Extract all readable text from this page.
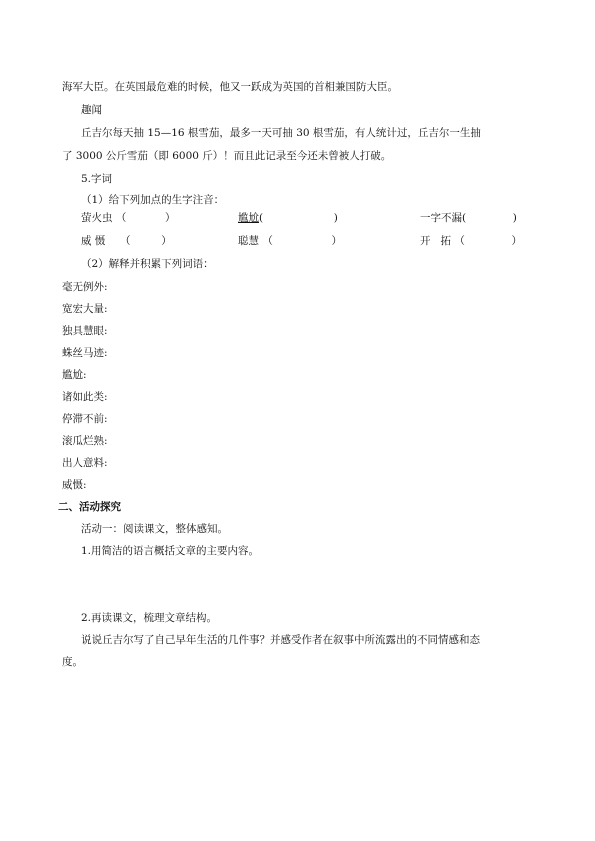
海军大臣。在英国最危难的时候，他又一跃成为英国的首相兼国防大臣。
趣闻
丘吉尔每天抽 15—16 根雪茄，最多一天可抽 30 根雪茄，有人统计过，丘吉尔一生抽
了 3000 公斤雪茄（即 6000 斤）！而且此记录至今还未曾被人打破。
5.字词
（1）给下列加点的生字注音：
萤火虫 （	）	尴尬(	)	一字不漏(	)
威 慑 （	）	聪慧 （	）	开   拓 （	）
（2）解释并积累下列词语：
毫无例外:
宽宏大量:
独具慧眼:
蛛丝马迹:
尴尬:
诸如此类:
停滞不前:
滚瓜烂熟:
出人意料:
威慑:
二、活动探究
活动一：阅读课文，整体感知。
1.用简洁的语言概括文章的主要内容。
2.再读课文，梳理文章结构。
说说丘吉尔写了自己早年生活的几件事？并感受作者在叙事中所流露出的不同情感和态
度。
